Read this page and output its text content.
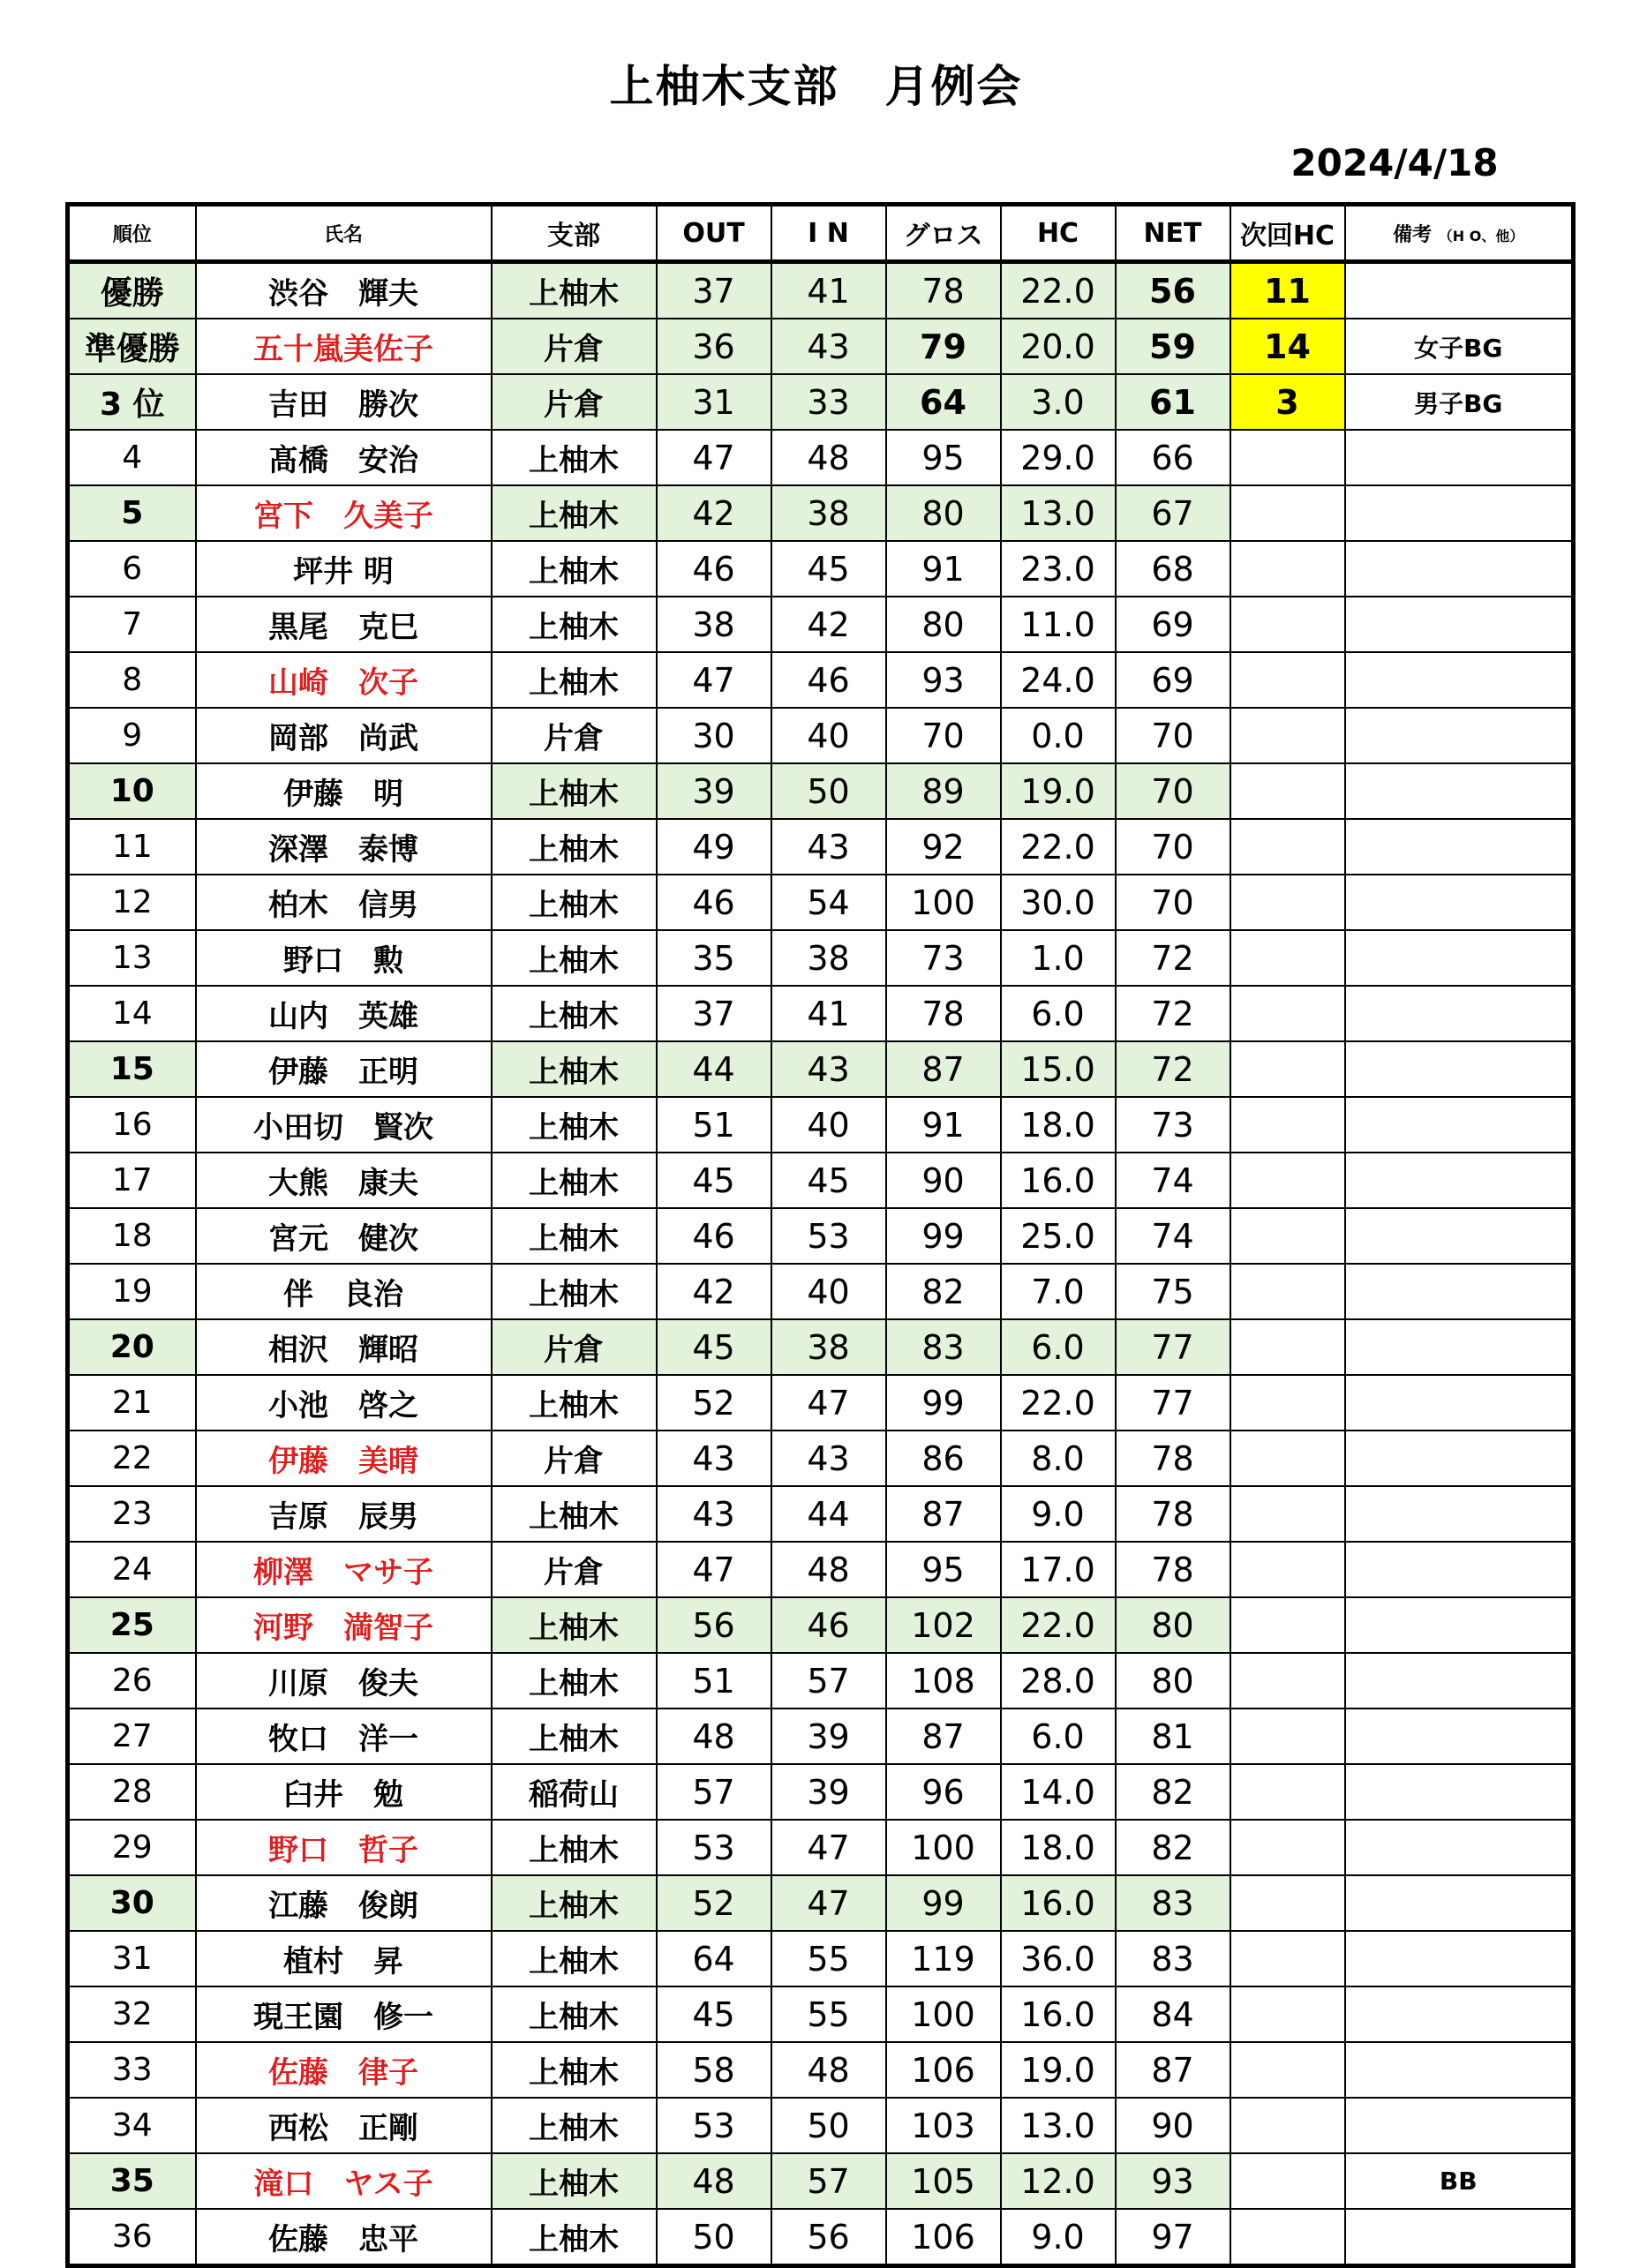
上柚木支部　月例会
2024/4/18
順位	氏名	支部	OUT	I N	グロス	HC	NET	次回HC	備考 （H O、他）
優勝	渋谷　輝夫	上柚木	37	41	78	22.0	56	11	
準優勝	五十嵐美佐子	片倉	36	43	79	20.0	59	14	女子BG
3 位	吉田　勝次	片倉	31	33	64	3.0	61	3	男子BG
4	髙橋　安治	上柚木	47	48	95	29.0	66		
5	宮下　久美子	上柚木	42	38	80	13.0	67		
6	坪井 明	上柚木	46	45	91	23.0	68		
7	黒尾　克巳	上柚木	38	42	80	11.0	69		
8	山崎　次子	上柚木	47	46	93	24.0	69		
9	岡部　尚武	片倉	30	40	70	0.0	70		
10	伊藤　明	上柚木	39	50	89	19.0	70		
11	深澤　泰博	上柚木	49	43	92	22.0	70		
12	柏木　信男	上柚木	46	54	100	30.0	70		
13	野口　勲	上柚木	35	38	73	1.0	72		
14	山内　英雄	上柚木	37	41	78	6.0	72		
15	伊藤　正明	上柚木	44	43	87	15.0	72		
16	小田切　賢次	上柚木	51	40	91	18.0	73		
17	大熊　康夫	上柚木	45	45	90	16.0	74		
18	宮元　健次	上柚木	46	53	99	25.0	74		
19	伴　良治	上柚木	42	40	82	7.0	75		
20	相沢　輝昭	片倉	45	38	83	6.0	77		
21	小池　啓之	上柚木	52	47	99	22.0	77		
22	伊藤　美晴	片倉	43	43	86	8.0	78		
23	吉原　辰男	上柚木	43	44	87	9.0	78		
24	柳澤　マサ子	片倉	47	48	95	17.0	78		
25	河野　満智子	上柚木	56	46	102	22.0	80		
26	川原　俊夫	上柚木	51	57	108	28.0	80		
27	牧口　洋一	上柚木	48	39	87	6.0	81		
28	臼井　勉	稲荷山	57	39	96	14.0	82		
29	野口　哲子	上柚木	53	47	100	18.0	82		
30	江藤　俊朗	上柚木	52	47	99	16.0	83		
31	植村　昇	上柚木	64	55	119	36.0	83		
32	現王園　修一	上柚木	45	55	100	16.0	84		
33	佐藤　律子	上柚木	58	48	106	19.0	87		
34	西松　正剛	上柚木	53	50	103	13.0	90		
35	滝口　ヤス子	上柚木	48	57	105	12.0	93		BB
36	佐藤　忠平	上柚木	50	56	106	9.0	97		
